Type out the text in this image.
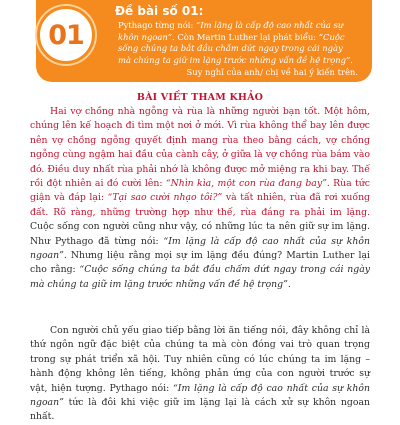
01
Đề bài số 01:

Pythago từng nói: “Im lặng là cấp độ cao nhất của sự khôn ngoan”. Còn Martin Luther lại phát biểu: “Cuộc sống chúng ta bắt đầu chấm dứt ngay trong cái ngày mà chúng ta giữ im lặng trước những vấn đề hệ trọng”.

Suy nghĩ của anh/ chị về hai ý kiến trên.

BÀI VIẾT THAM KHẢO

Hai vợ chồng nhà ngỗng và rùa là những người bạn tốt. Một hôm, chúng lên kế hoạch đi tìm một nơi ở mới. Vì rùa không thể bay lên được nên vợ chồng ngỗng quyết định mang rùa theo bằng cách, vợ chồng ngỗng cùng ngậm hai đầu của cành cây, ở giữa là vợ chồng rùa bám vào đó. Điều duy nhất rùa phải nhớ là không được mở miệng ra khi bay. Thế rồi đột nhiên ai đó cười lên: “Nhìn kìa, một con rùa đang bay”. Rùa tức giận và đáp lại: “Tại sao cười nhạo tôi?” và tất nhiên, rùa đã rơi xuống đất. Rõ ràng, những trường hợp như thế, rùa đáng ra phải im lặng. Cuộc sống con người cũng như vậy, có những lúc ta nên giữ sự im lặng. Như Pythago đã từng nói: “Im lặng là cấp độ cao nhất của sự khôn ngoan”. Nhưng liệu rằng mọi sự im lặng đều đúng? Martin Luther lại cho rằng: “Cuộc sống chúng ta bắt đầu chấm dứt ngay trong cái ngày mà chúng ta giữ im lặng trước những vấn đề hệ trọng”.

Con người chủ yếu giao tiếp bằng lời ăn tiếng nói, đây không chỉ là thứ ngôn ngữ đặc biệt của chúng ta mà còn đóng vai trò quan trọng trong sự phát triển xã hội. Tuy nhiên cũng có lúc chúng ta im lặng – hành động không lên tiếng, không phản ứng của con người trước sự vật, hiện tượng. Pythago nói: “Im lặng là cấp độ cao nhất của sự khôn ngoan” tức là đôi khi việc giữ im lặng lại là cách xử sự khôn ngoan nhất.
